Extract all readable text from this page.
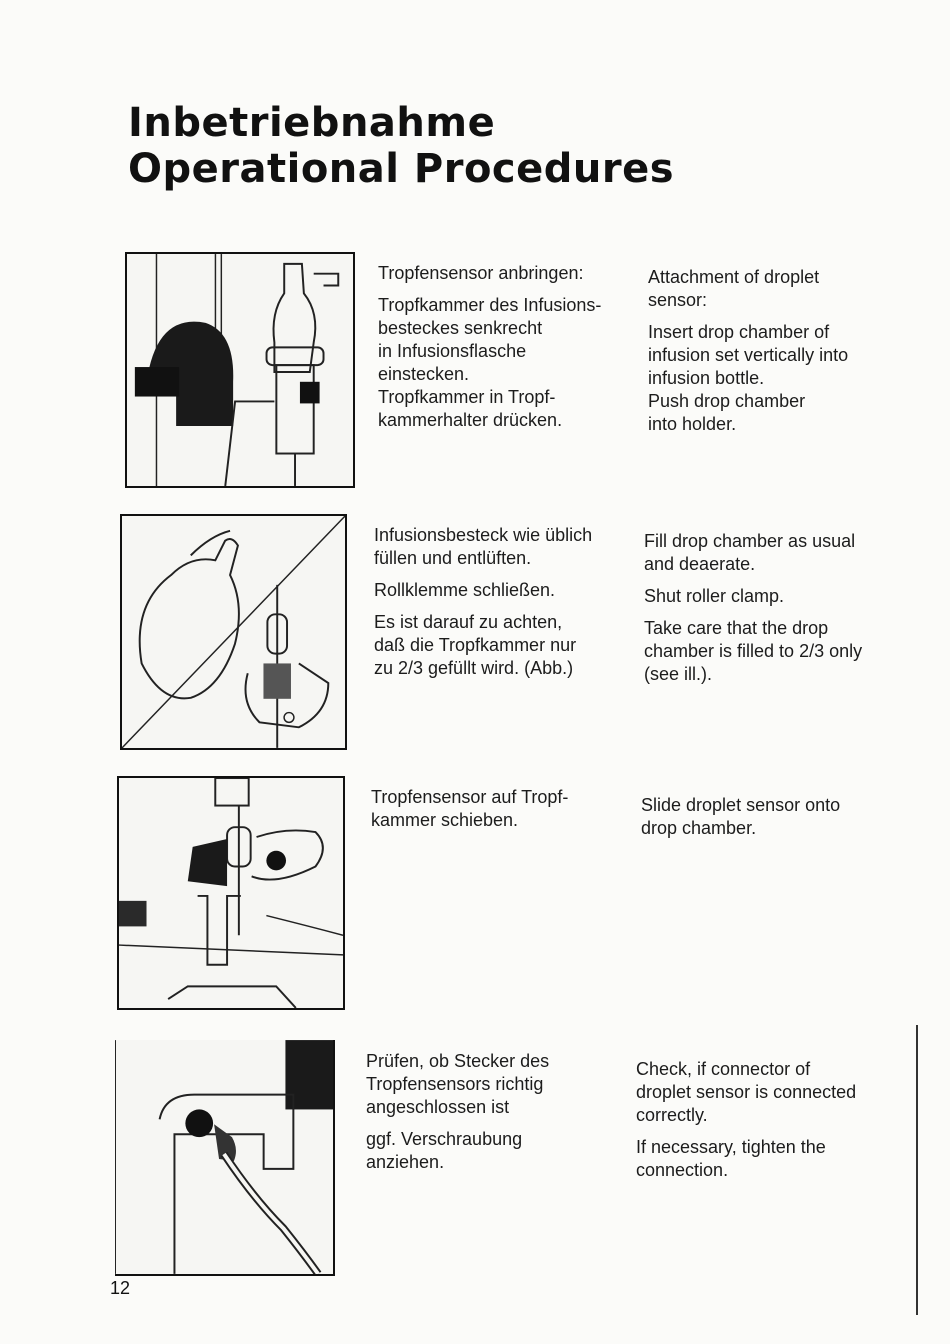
Inbetriebnahme
Operational Procedures

Tropfensensor anbringen:

Tropfkammer des Infusions-
bestеckes senkrecht
in Infusionsflasche
einstecken.
Tropfkammer in Tropf-
kammerhalter drücken.

Attachment of droplet
sensor:

Insert drop chamber of
infusion set vertically into
infusion bottle.
Push drop chamber
into holder.

Infusionsbesteck wie üblich
füllen und entlüften.

Rollklemme schließen.

Es ist darauf zu achten,
daß die Tropfkammer nur
zu 2/3 gefüllt wird. (Abb.)

Fill drop chamber as usual
and deaerate.

Shut roller clamp.

Take care that the drop
chamber is filled to 2/3 only
(see ill.).

Tropfensensor auf Tropf-
kammer schieben.

Slide droplet sensor onto
drop chamber.

Prüfen, ob Stecker des
Tropfensensors richtig
angeschlossen ist

ggf. Verschraubung
anziehen.

Check, if connector of
droplet sensor is connected
correctly.

If necessary, tighten the
connection.

12
